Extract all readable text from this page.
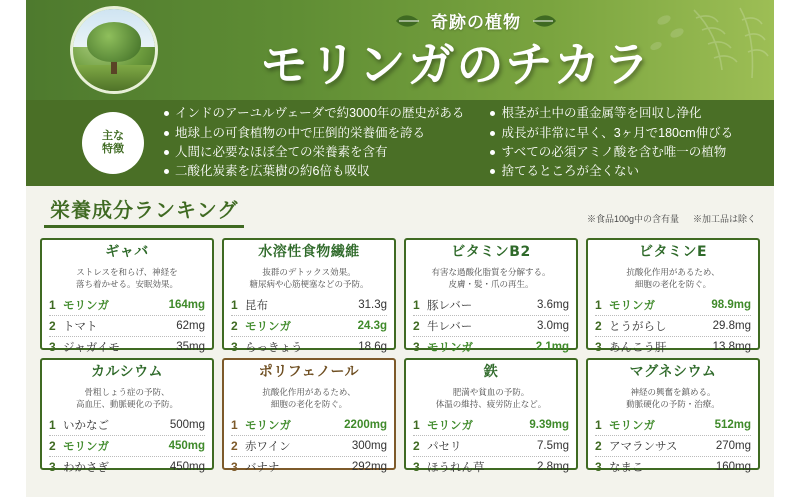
奇跡の植物
モリンガのチカラ
主な
特徴
インドのアーユルヴェーダで約3000年の歴史がある
地球上の可食植物の中で圧倒的栄養価を誇る
人間に必要なほぼ全ての栄養素を含有
二酸化炭素を広葉樹の約6倍も吸収
根茎が土中の重金属等を回収し浄化
成長が非常に早く、3ヶ月で180cm伸びる
すべての必須アミノ酸を含む唯一の植物
捨てるところが全くない
栄養成分ランキング	※食品100g中の含有量 ※加工品は除く
ギャバ
ストレスを和らげ、神経を
落ち着かせる。安眠効果。
1 モリンガ	164mg
2 トマト	62mg
3 ジャガイモ	35mg
水溶性食物繊維
抜群のデトックス効果。
糖尿病や心筋梗塞などの予防。
1 昆布	31.3g
2 モリンガ	24.3g
3 らっきょう	18.6g
ビタミンB2
有害な過酸化脂質を分解する。
皮膚・髪・爪の再生。
1 豚レバー	3.6mg
2 牛レバー	3.0mg
3 モリンガ	2.1mg
ビタミンE
抗酸化作用があるため、
細胞の老化を防ぐ。
1 モリンガ	98.9mg
2 とうがらし	29.8mg
3 あんこう肝	13.8mg
カルシウム
骨粗しょう症の予防、
高血圧、動脈硬化の予防。
1 いかなご	500mg
2 モリンガ	450mg
3 わかさぎ	450mg
ポリフェノール
抗酸化作用があるため、
細胞の老化を防ぐ。
1 モリンガ	2200mg
2 赤ワイン	300mg
3 バナナ	292mg
鉄
肥満や貧血の予防。
体温の維持、疲労防止など。
1 モリンガ	9.39mg
2 パセリ	7.5mg
3 ほうれん草	2.8mg
マグネシウム
神経の興奮を鎮める。
動脈硬化の予防・治療。
1 モリンガ	512mg
2 アマランサス	270mg
3 なまこ	160mg
